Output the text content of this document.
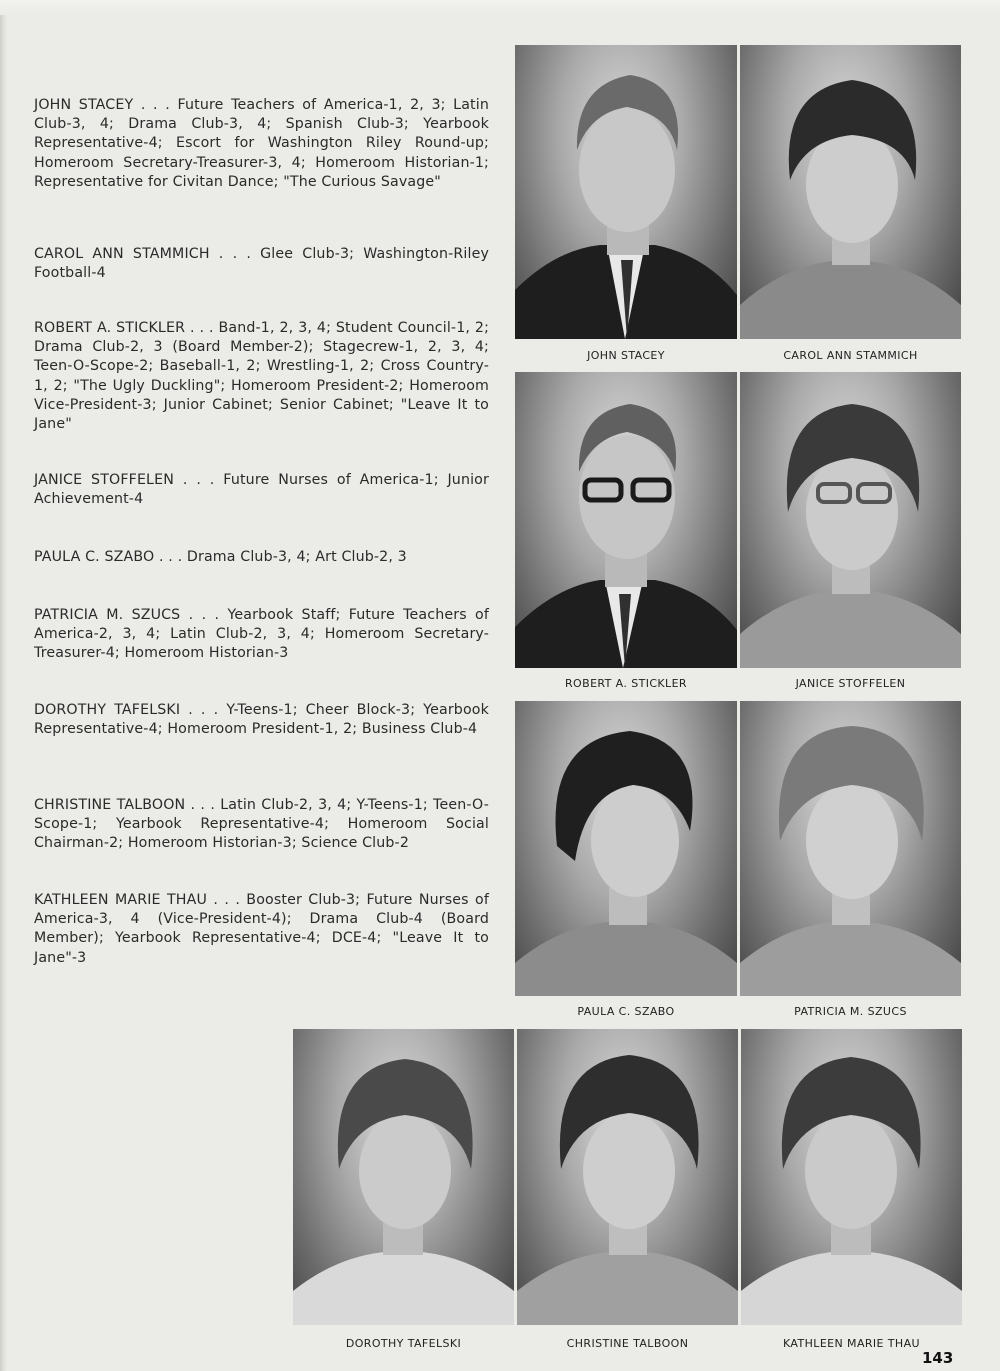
JOHN STACEY . . . Future Teachers of America-1, 2, 3; Latin Club-3, 4; Drama Club-3, 4; Spanish Club-3; Yearbook Representative-4; Escort for Washington Riley Round-up; Homeroom Secretary-Treasurer-3, 4; Homeroom Historian-1; Representative for Civitan Dance; "The Curious Savage"
CAROL ANN STAMMICH . . . Glee Club-3; Washington-Riley Football-4
ROBERT A. STICKLER . . . Band-1, 2, 3, 4; Student Council-1, 2; Drama Club-2, 3 (Board Member-2); Stagecrew-1, 2, 3, 4; Teen-O-Scope-2; Baseball-1, 2; Wrestling-1, 2; Cross Country-1, 2; "The Ugly Duckling"; Homeroom President-2; Homeroom Vice-President-3; Junior Cabinet; Senior Cabinet; "Leave It to Jane"
JANICE STOFFELEN . . . Future Nurses of America-1; Junior Achievement-4
PAULA C. SZABO . . . Drama Club-3, 4; Art Club-2, 3
PATRICIA M. SZUCS . . . Yearbook Staff; Future Teachers of America-2, 3, 4; Latin Club-2, 3, 4; Homeroom Secretary-Treasurer-4; Homeroom Historian-3
DOROTHY TAFELSKI . . . Y-Teens-1; Cheer Block-3; Yearbook Representative-4; Homeroom President-1, 2; Business Club-4
CHRISTINE TALBOON . . . Latin Club-2, 3, 4; Y-Teens-1; Teen-O-Scope-1; Yearbook Representative-4; Homeroom Social Chairman-2; Homeroom Historian-3; Science Club-2
KATHLEEN MARIE THAU . . . Booster Club-3; Future Nurses of America-3, 4 (Vice-President-4); Drama Club-4 (Board Member); Yearbook Representative-4; DCE-4; "Leave It to Jane"-3
JOHN STACEY	CAROL ANN STAMMICH
ROBERT A. STICKLER	JANICE STOFFELEN
PAULA C. SZABO	PATRICIA M. SZUCS
DOROTHY TAFELSKI	CHRISTINE TALBOON	KATHLEEN MARIE THAU
143
